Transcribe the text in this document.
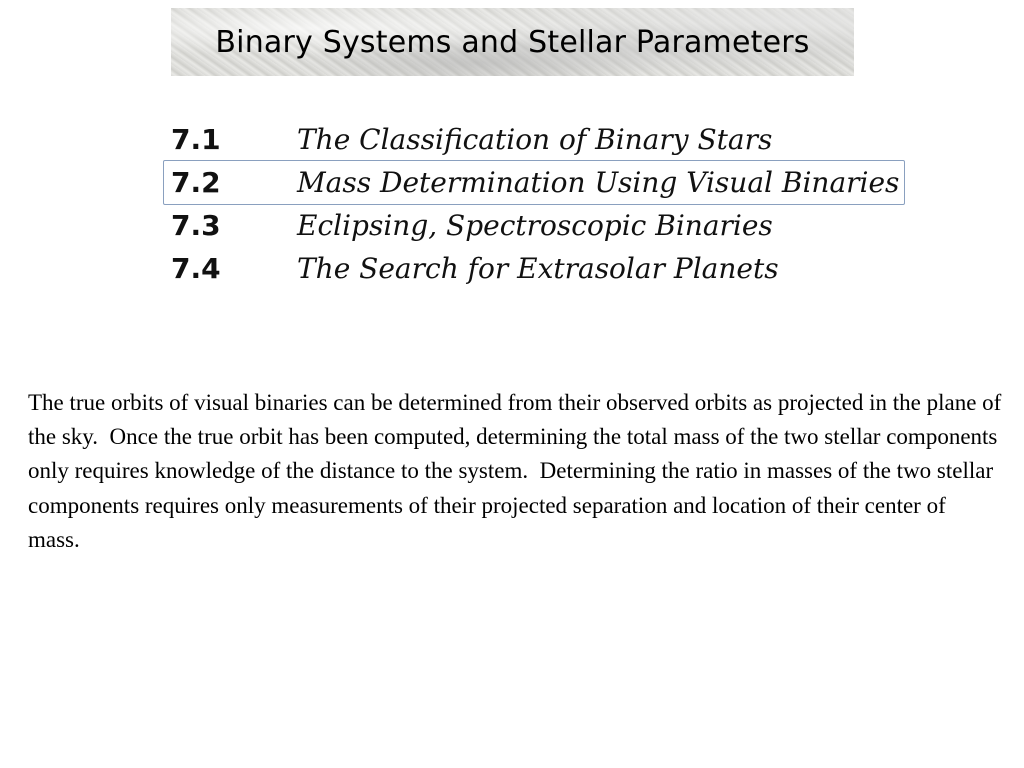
Binary Systems and Stellar Parameters
7.1	The Classification of Binary Stars
7.2	Mass Determination Using Visual Binaries
7.3	Eclipsing, Spectroscopic Binaries
7.4	The Search for Extrasolar Planets

The true orbits of visual binaries can be determined from their observed orbits as projected in the plane of the sky.  Once the true orbit has been computed, determining the total mass of the two stellar components only requires knowledge of the distance to the system.  Determining the ratio in masses of the two stellar components requires only measurements of their projected separation and location of their center of mass.
